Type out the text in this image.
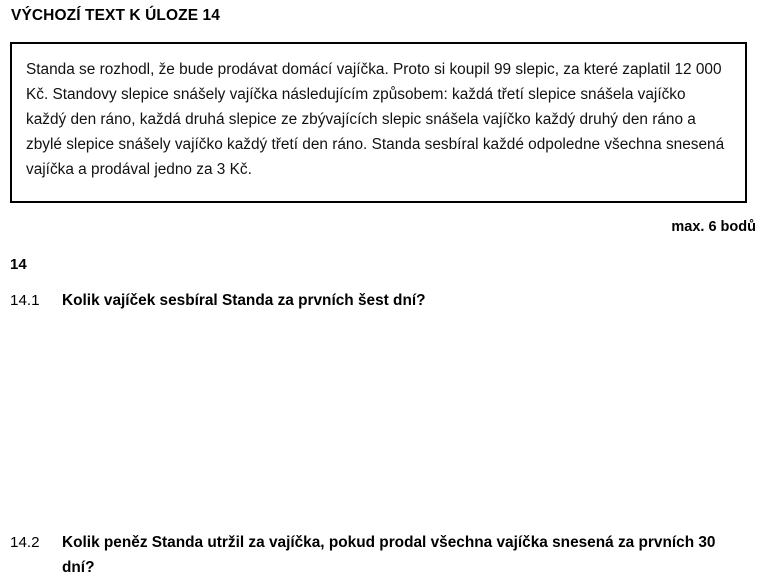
VÝCHOZÍ TEXT K ÚLOZE 14
Standa se rozhodl, že bude prodávat domácí vajíčka. Proto si koupil 99 slepic, za které zaplatil 12 000 Kč. Standovy slepice snášely vajíčka následujícím způsobem: každá třetí slepice snášela vajíčko každý den ráno, každá druhá slepice ze zbývajících slepic snášela vajíčko každý druhý den ráno a zbylé slepice snášely vajíčko každý třetí den ráno. Standa sesbíral každé odpoledne všechna snesená vajíčka a prodával jedno za 3 Kč.
max. 6 bodů
14
14.1	Kolik vajíček sesbíral Standa za prvních šest dní?
14.2	Kolik peněz Standa utržil za vajíčka, pokud prodal všechna vajíčka snesená za prvních 30 dní?
